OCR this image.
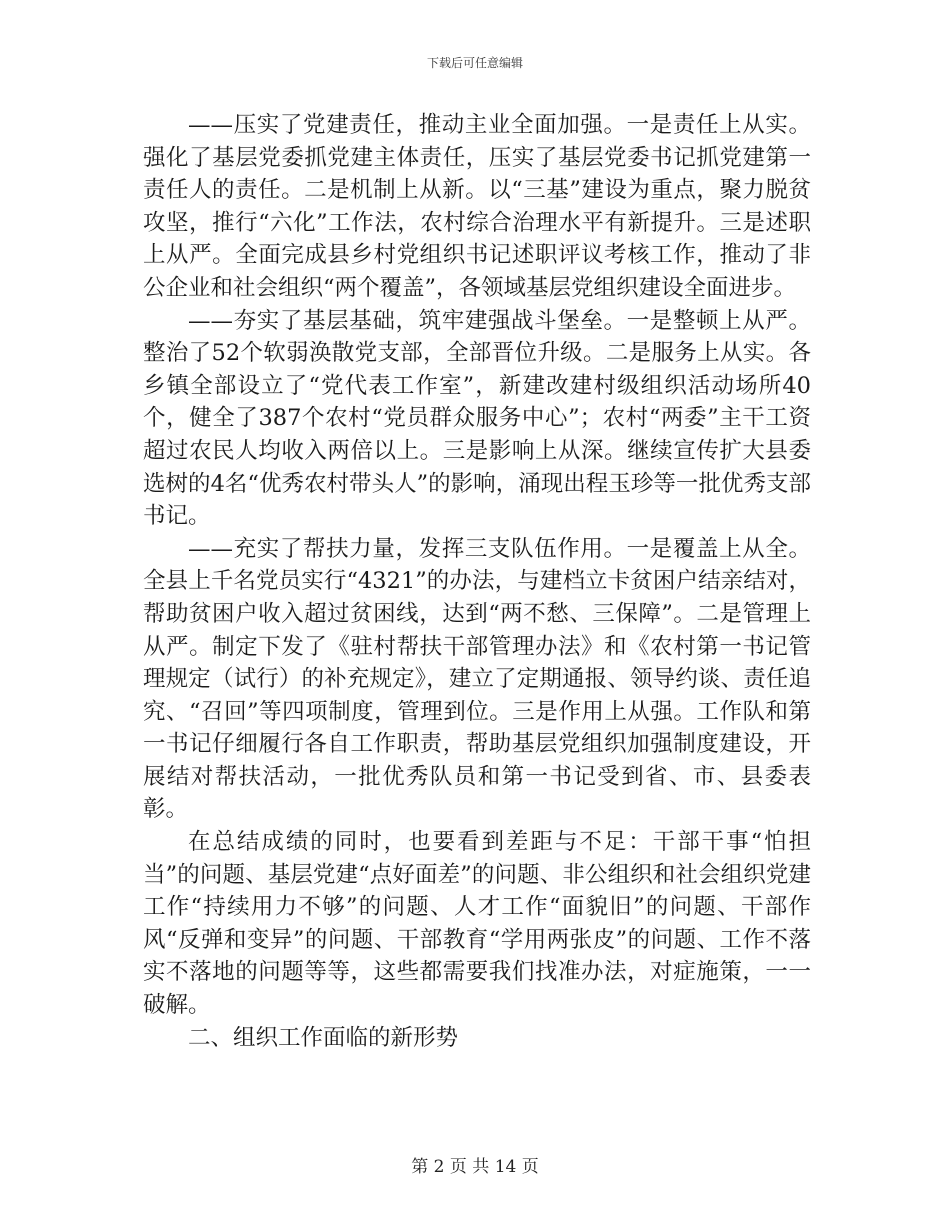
下载后可任意编辑

——压实了党建责任，推动主业全面加强。一是责任上从实。强化了基层党委抓党建主体责任，压实了基层党委书记抓党建第一责任人的责任。二是机制上从新。以“三基”建设为重点，聚力脱贫攻坚，推行“六化”工作法，农村综合治理水平有新提升。三是述职上从严。全面完成县乡村党组织书记述职评议考核工作，推动了非公企业和社会组织“两个覆盖”，各领域基层党组织建设全面进步。

——夯实了基层基础，筑牢建强战斗堡垒。一是整顿上从严。整治了52个软弱涣散党支部，全部晋位升级。二是服务上从实。各乡镇全部设立了“党代表工作室”，新建改建村级组织活动场所40个，健全了387个农村“党员群众服务中心”；农村“两委”主干工资超过农民人均收入两倍以上。三是影响上从深。继续宣传扩大县委选树的4名“优秀农村带头人”的影响，涌现出程玉珍等一批优秀支部书记。

——充实了帮扶力量，发挥三支队伍作用。一是覆盖上从全。全县上千名党员实行“4321”的办法，与建档立卡贫困户结亲结对，帮助贫困户收入超过贫困线，达到“两不愁、三保障”。二是管理上从严。制定下发了《驻村帮扶干部管理办法》和《农村第一书记管理规定（试行）的补充规定》，建立了定期通报、领导约谈、责任追究、“召回”等四项制度，管理到位。三是作用上从强。工作队和第一书记仔细履行各自工作职责，帮助基层党组织加强制度建设，开展结对帮扶活动，一批优秀队员和第一书记受到省、市、县委表彰。

在总结成绩的同时，也要看到差距与不足：干部干事“怕担当”的问题、基层党建“点好面差”的问题、非公组织和社会组织党建工作“持续用力不够”的问题、人才工作“面貌旧”的问题、干部作风“反弹和变异”的问题、干部教育“学用两张皮”的问题、工作不落实不落地的问题等等，这些都需要我们找准办法，对症施策，一一破解。

二、组织工作面临的新形势

第 2 页 共 14 页
